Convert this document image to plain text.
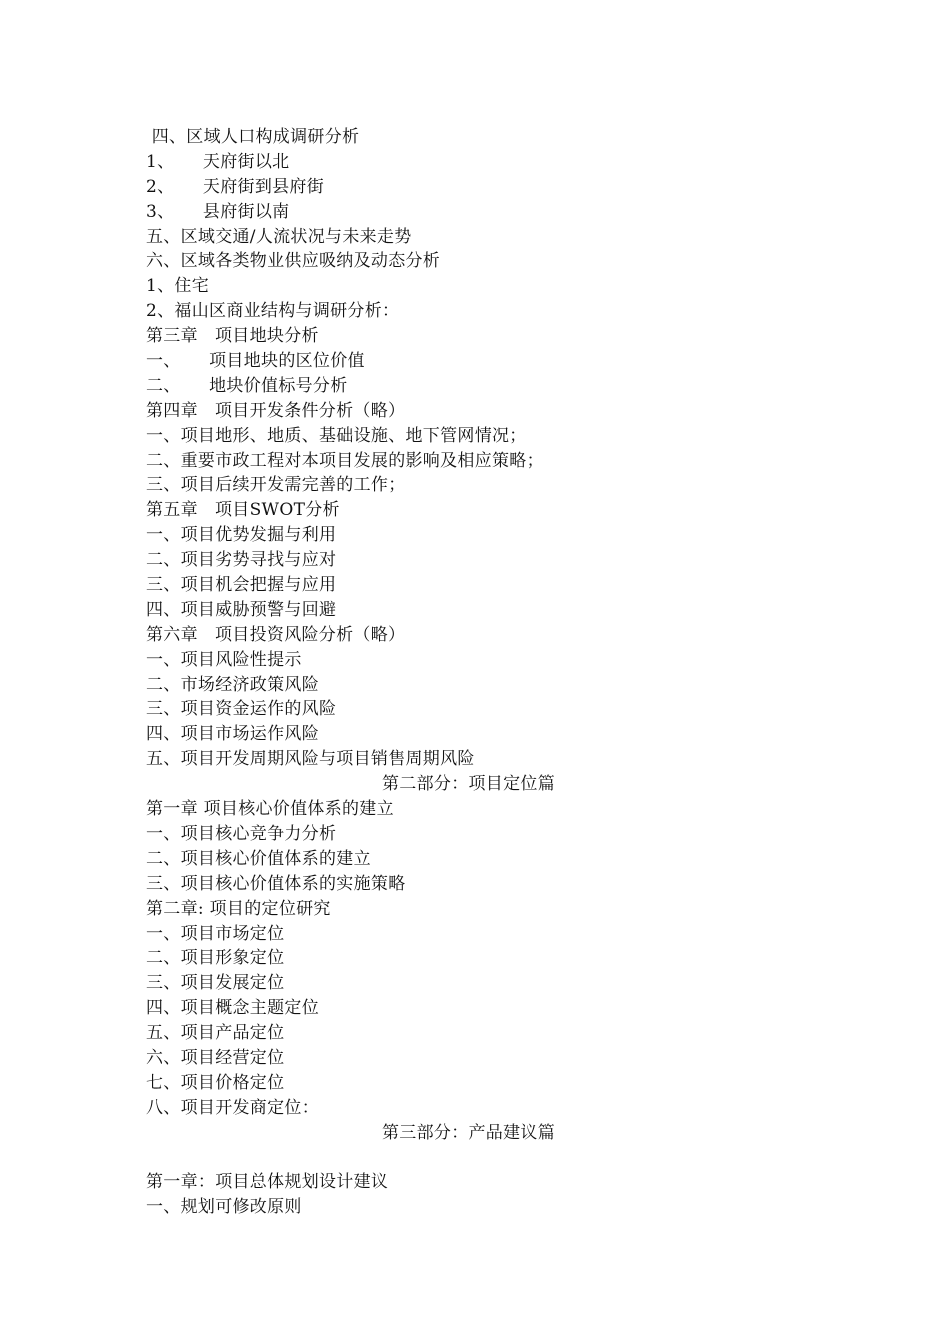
四、区域人口构成调研分析
1、     天府街以北
2、     天府街到县府街
3、     县府街以南
五、区域交通/人流状况与未来走势
六、区域各类物业供应吸纳及动态分析
1、住宅
2、福山区商业结构与调研分析：
第三章   项目地块分析
一、     项目地块的区位价值
二、     地块价值标号分析
第四章   项目开发条件分析（略）
一、项目地形、地质、基础设施、地下管网情况；
二、重要市政工程对本项目发展的影响及相应策略；
三、项目后续开发需完善的工作；
第五章   项目SWOT分析
一、项目优势发掘与利用
二、项目劣势寻找与应对
三、项目机会把握与应用
四、项目威胁预警与回避
第六章   项目投资风险分析（略）
一、项目风险性提示
二、市场经济政策风险
三、项目资金运作的风险
四、项目市场运作风险
五、项目开发周期风险与项目销售周期风险
第二部分：项目定位篇
第一章 项目核心价值体系的建立
一、项目核心竞争力分析
二、项目核心价值体系的建立
三、项目核心价值体系的实施策略
第二章: 项目的定位研究
一、项目市场定位
二、项目形象定位
三、项目发展定位
四、项目概念主题定位
五、项目产品定位
六、项目经营定位
七、项目价格定位
八、项目开发商定位：
第三部分：产品建议篇
第一章：项目总体规划设计建议
一、规划可修改原则
